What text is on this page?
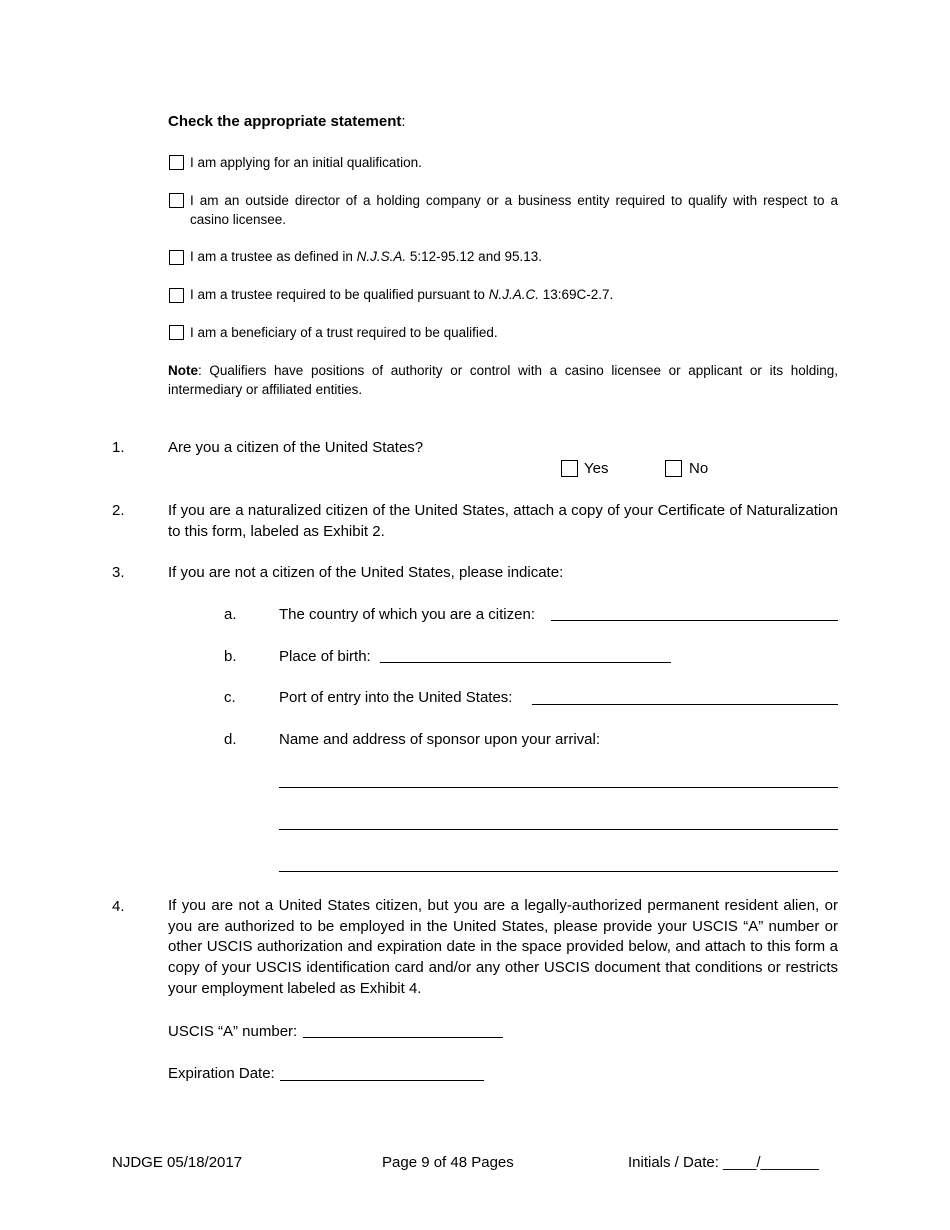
Check the appropriate statement:
I am applying for an initial qualification.
I am an outside director of a holding company or a business entity required to qualify with respect to a casino licensee.
I am a trustee as defined in N.J.S.A. 5:12-95.12 and 95.13.
I am a trustee required to be qualified pursuant to N.J.A.C. 13:69C-2.7.
I am a beneficiary of a trust required to be qualified.
Note: Qualifiers have positions of authority or control with a casino licensee or applicant or its holding, intermediary or affiliated entities.
1.	Are you a citizen of the United States?
Yes	No
2.	If you are a naturalized citizen of the United States, attach a copy of your Certificate of Naturalization to this form, labeled as Exhibit 2.
3.	If you are not a citizen of the United States, please indicate:
a.	The country of which you are a citizen:
b.	Place of birth:
c.	Port of entry into the United States:
d.	Name and address of sponsor upon your arrival:
4.	If you are not a United States citizen, but you are a legally-authorized permanent resident alien, or you are authorized to be employed in the United States, please provide your USCIS “A” number or other USCIS authorization and expiration date in the space provided below, and attach to this form a copy of your USCIS identification card and/or any other USCIS document that conditions or restricts your employment labeled as Exhibit 4.
USCIS “A” number:
Expiration Date:
NJDGE 05/18/2017	Page 9 of 48 Pages	Initials / Date: ____/_______
